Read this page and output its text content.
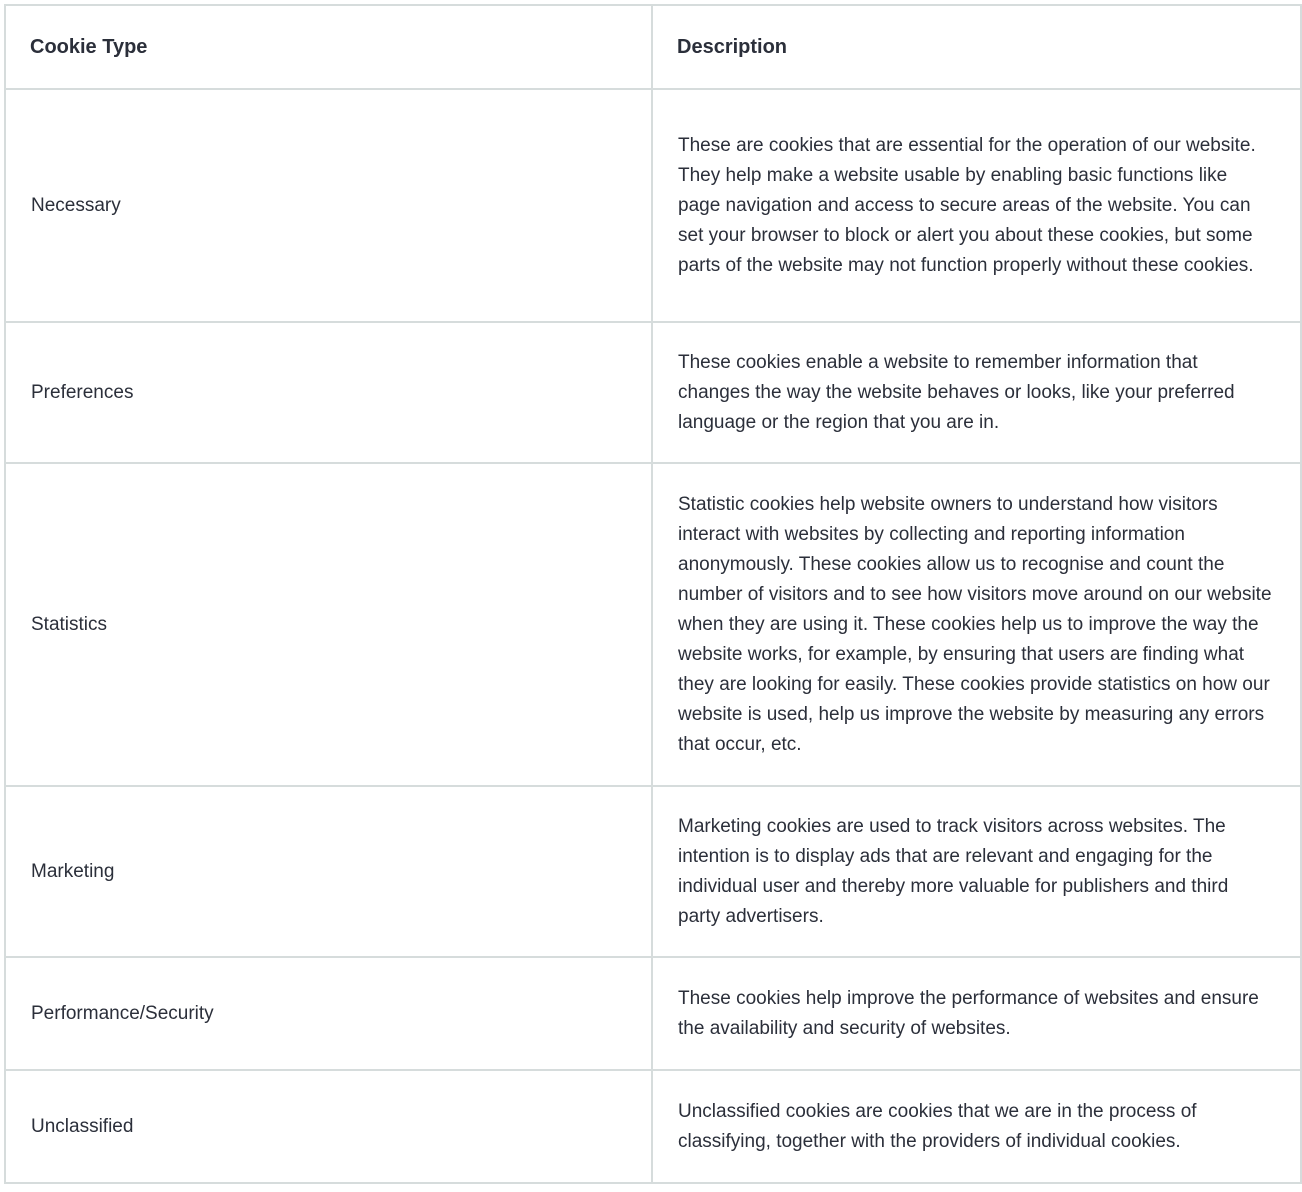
Cookie Type	Description
Necessary	These are cookies that are essential for the operation of our website. They help make a website usable by enabling basic functions like page navigation and access to secure areas of the website. You can set your browser to block or alert you about these cookies, but some parts of the website may not function properly without these cookies.
Preferences	These cookies enable a website to remember information that changes the way the website behaves or looks, like your preferred language or the region that you are in.
Statistics	Statistic cookies help website owners to understand how visitors interact with websites by collecting and reporting information anonymously. These cookies allow us to recognise and count the number of visitors and to see how visitors move around on our website when they are using it. These cookies help us to improve the way the website works, for example, by ensuring that users are finding what they are looking for easily. These cookies provide statistics on how our website is used, help us improve the website by measuring any errors that occur, etc.
Marketing	Marketing cookies are used to track visitors across websites. The intention is to display ads that are relevant and engaging for the individual user and thereby more valuable for publishers and third party advertisers.
Performance/Security	These cookies help improve the performance of websites and ensure the availability and security of websites.
Unclassified	Unclassified cookies are cookies that we are in the process of classifying, together with the providers of individual cookies.
